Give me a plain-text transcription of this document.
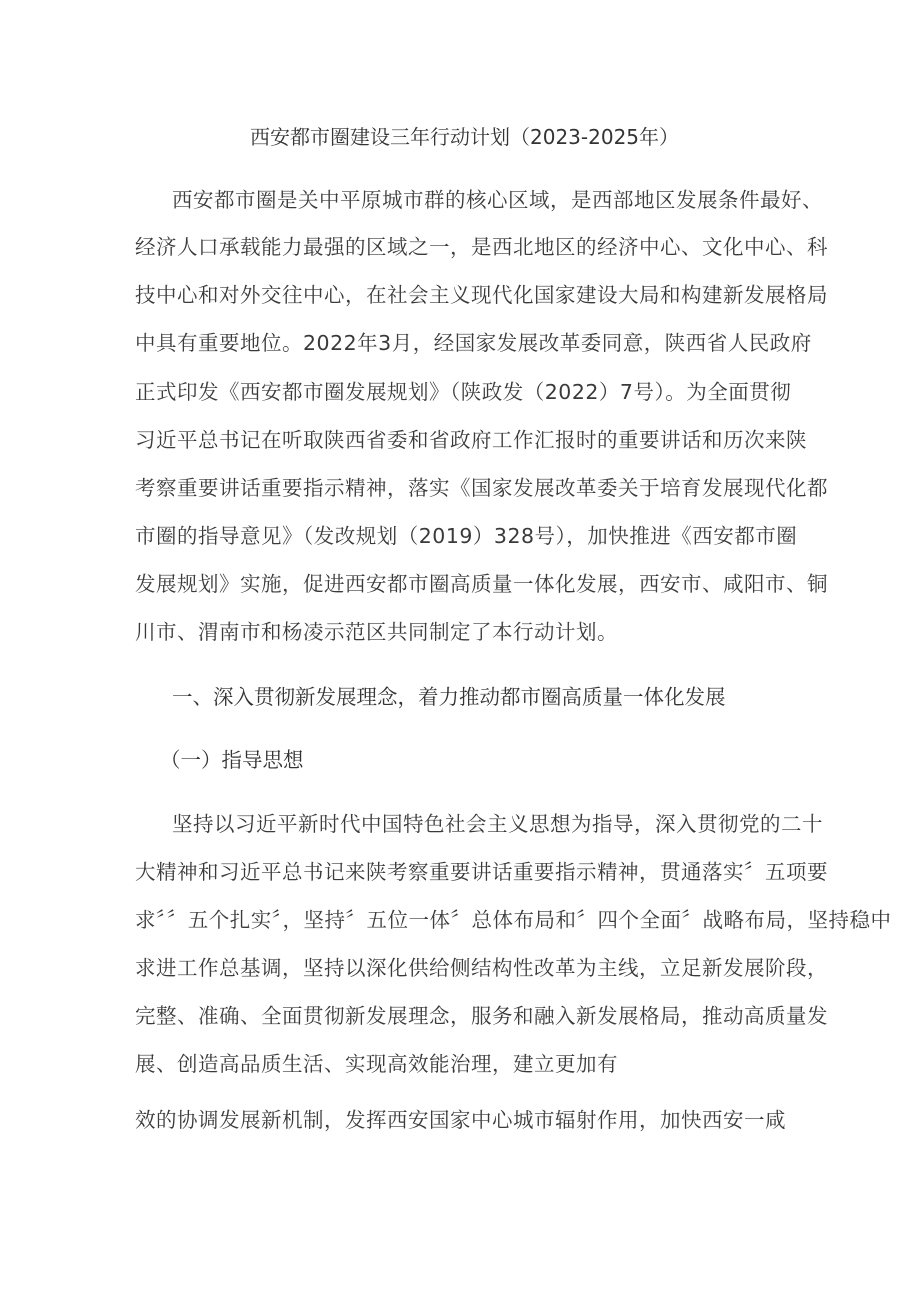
西安都市圈建设三年行动计划（2023-2025年）
西安都市圈是关中平原城市群的核心区域，是西部地区发展条件最好、
经济人口承载能力最强的区域之一，是西北地区的经济中心、文化中心、科
技中心和对外交往中心，在社会主义现代化国家建设大局和构建新发展格局
中具有重要地位。2022年3月，经国家发展改革委同意，陕西省人民政府
正式印发《西安都市圈发展规划》（陕政发（2022）7号）。为全面贯彻
习近平总书记在听取陕西省委和省政府工作汇报时的重要讲话和历次来陕
考察重要讲话重要指示精神，落实《国家发展改革委关于培育发展现代化都
市圈的指导意见》（发改规划（2019）328号），加快推进《西安都市圈
发展规划》实施，促进西安都市圈高质量一体化发展，西安市、咸阳市、铜
川市、渭南市和杨凌示范区共同制定了本行动计划。
一、深入贯彻新发展理念，着力推动都市圈高质量一体化发展
（一）指导思想
坚持以习近平新时代中国特色社会主义思想为指导，深入贯彻党的二十
大精神和习近平总书记来陕考察重要讲话重要指示精神，贯通落实〞五项要
求〞〞五个扎实〞，坚持〞五位一体〞总体布局和〞四个全面〞战略布局，坚持稳中
求进工作总基调，坚持以深化供给侧结构性改革为主线，立足新发展阶段，
完整、准确、全面贯彻新发展理念，服务和融入新发展格局，推动高质量发
展、创造高品质生活、实现高效能治理，建立更加有
效的协调发展新机制，发挥西安国家中心城市辐射作用，加快西安一咸
